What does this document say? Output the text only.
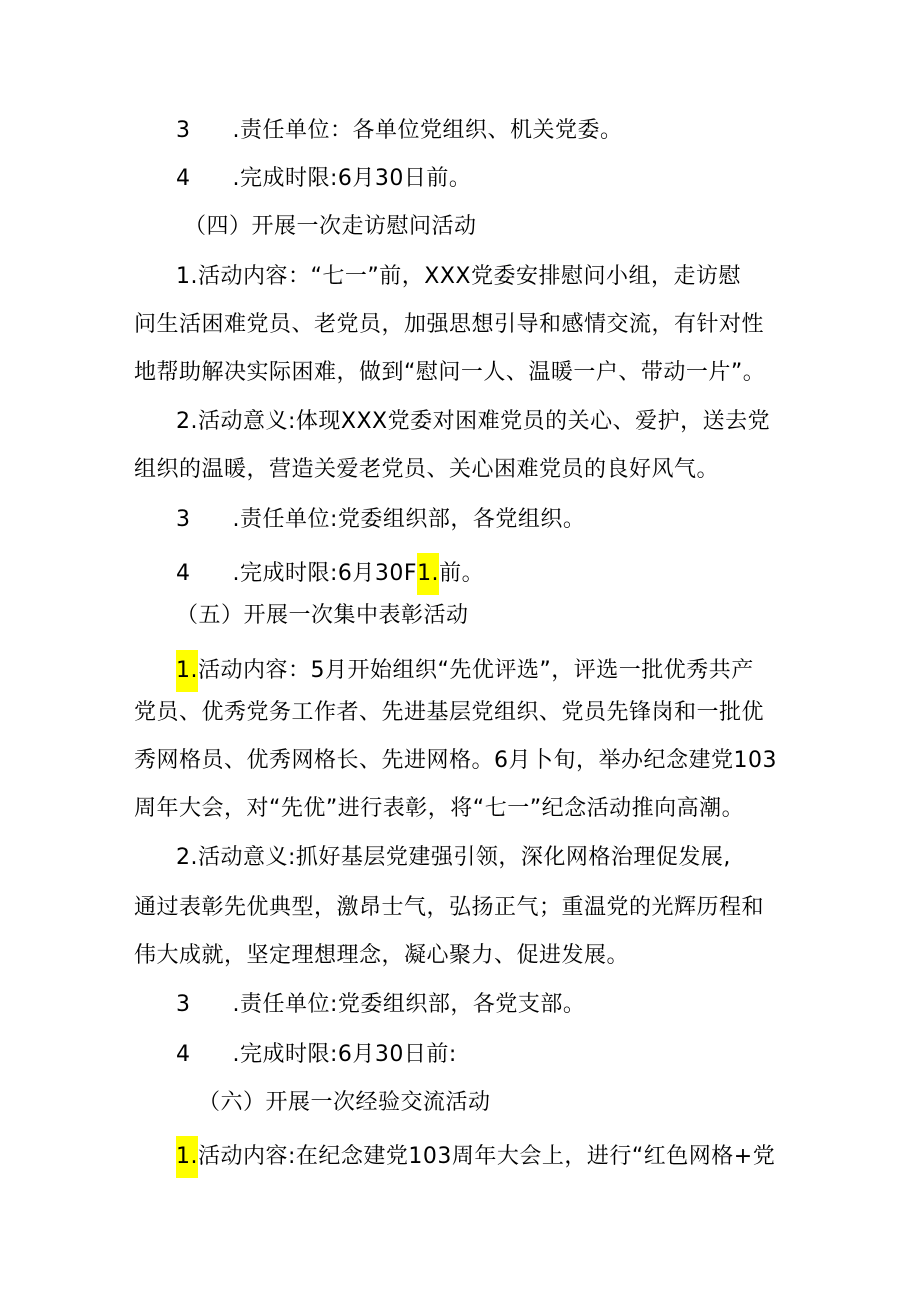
3 .责任单位：各单位党组织、机关党委。
4 .完成时限:6月30日前。
（四）开展一次走访慰问活动
1.活动内容：“七一”前，XXX党委安排慰问小组，走访慰
问生活困难党员、老党员，加强思想引导和感情交流，有针对性
地帮助解决实际困难，做到“慰问一人、温暖一户、带动一片”。
2.活动意义:体现XXX党委对困难党员的关心、爱护，送去党
组织的温暖，营造关爱老党员、关心困难党员的良好风气。
3 .责任单位:党委组织部，各党组织。
4 .完成时限:6月30F1.前。
（五）开展一次集中表彰活动
1.活动内容：5月开始组织“先优评选”，评选一批优秀共产
党员、优秀党务工作者、先进基层党组织、党员先锋岗和一批优
秀网格员、优秀网格长、先进网格。6月卜旬，举办纪念建党103
周年大会，对“先优”进行表彰，将“七一”纪念活动推向高潮。
2.活动意义:抓好基层党建强引领，深化网格治理促发展,
通过表彰先优典型，激昂士气，弘扬正气；重温党的光辉历程和
伟大成就，坚定理想理念，凝心聚力、促进发展。
3 .责任单位:党委组织部，各党支部。
4 .完成时限:6月30日前:
（六）开展一次经验交流活动
1.活动内容:在纪念建党103周年大会上，进行“红色网格+党
